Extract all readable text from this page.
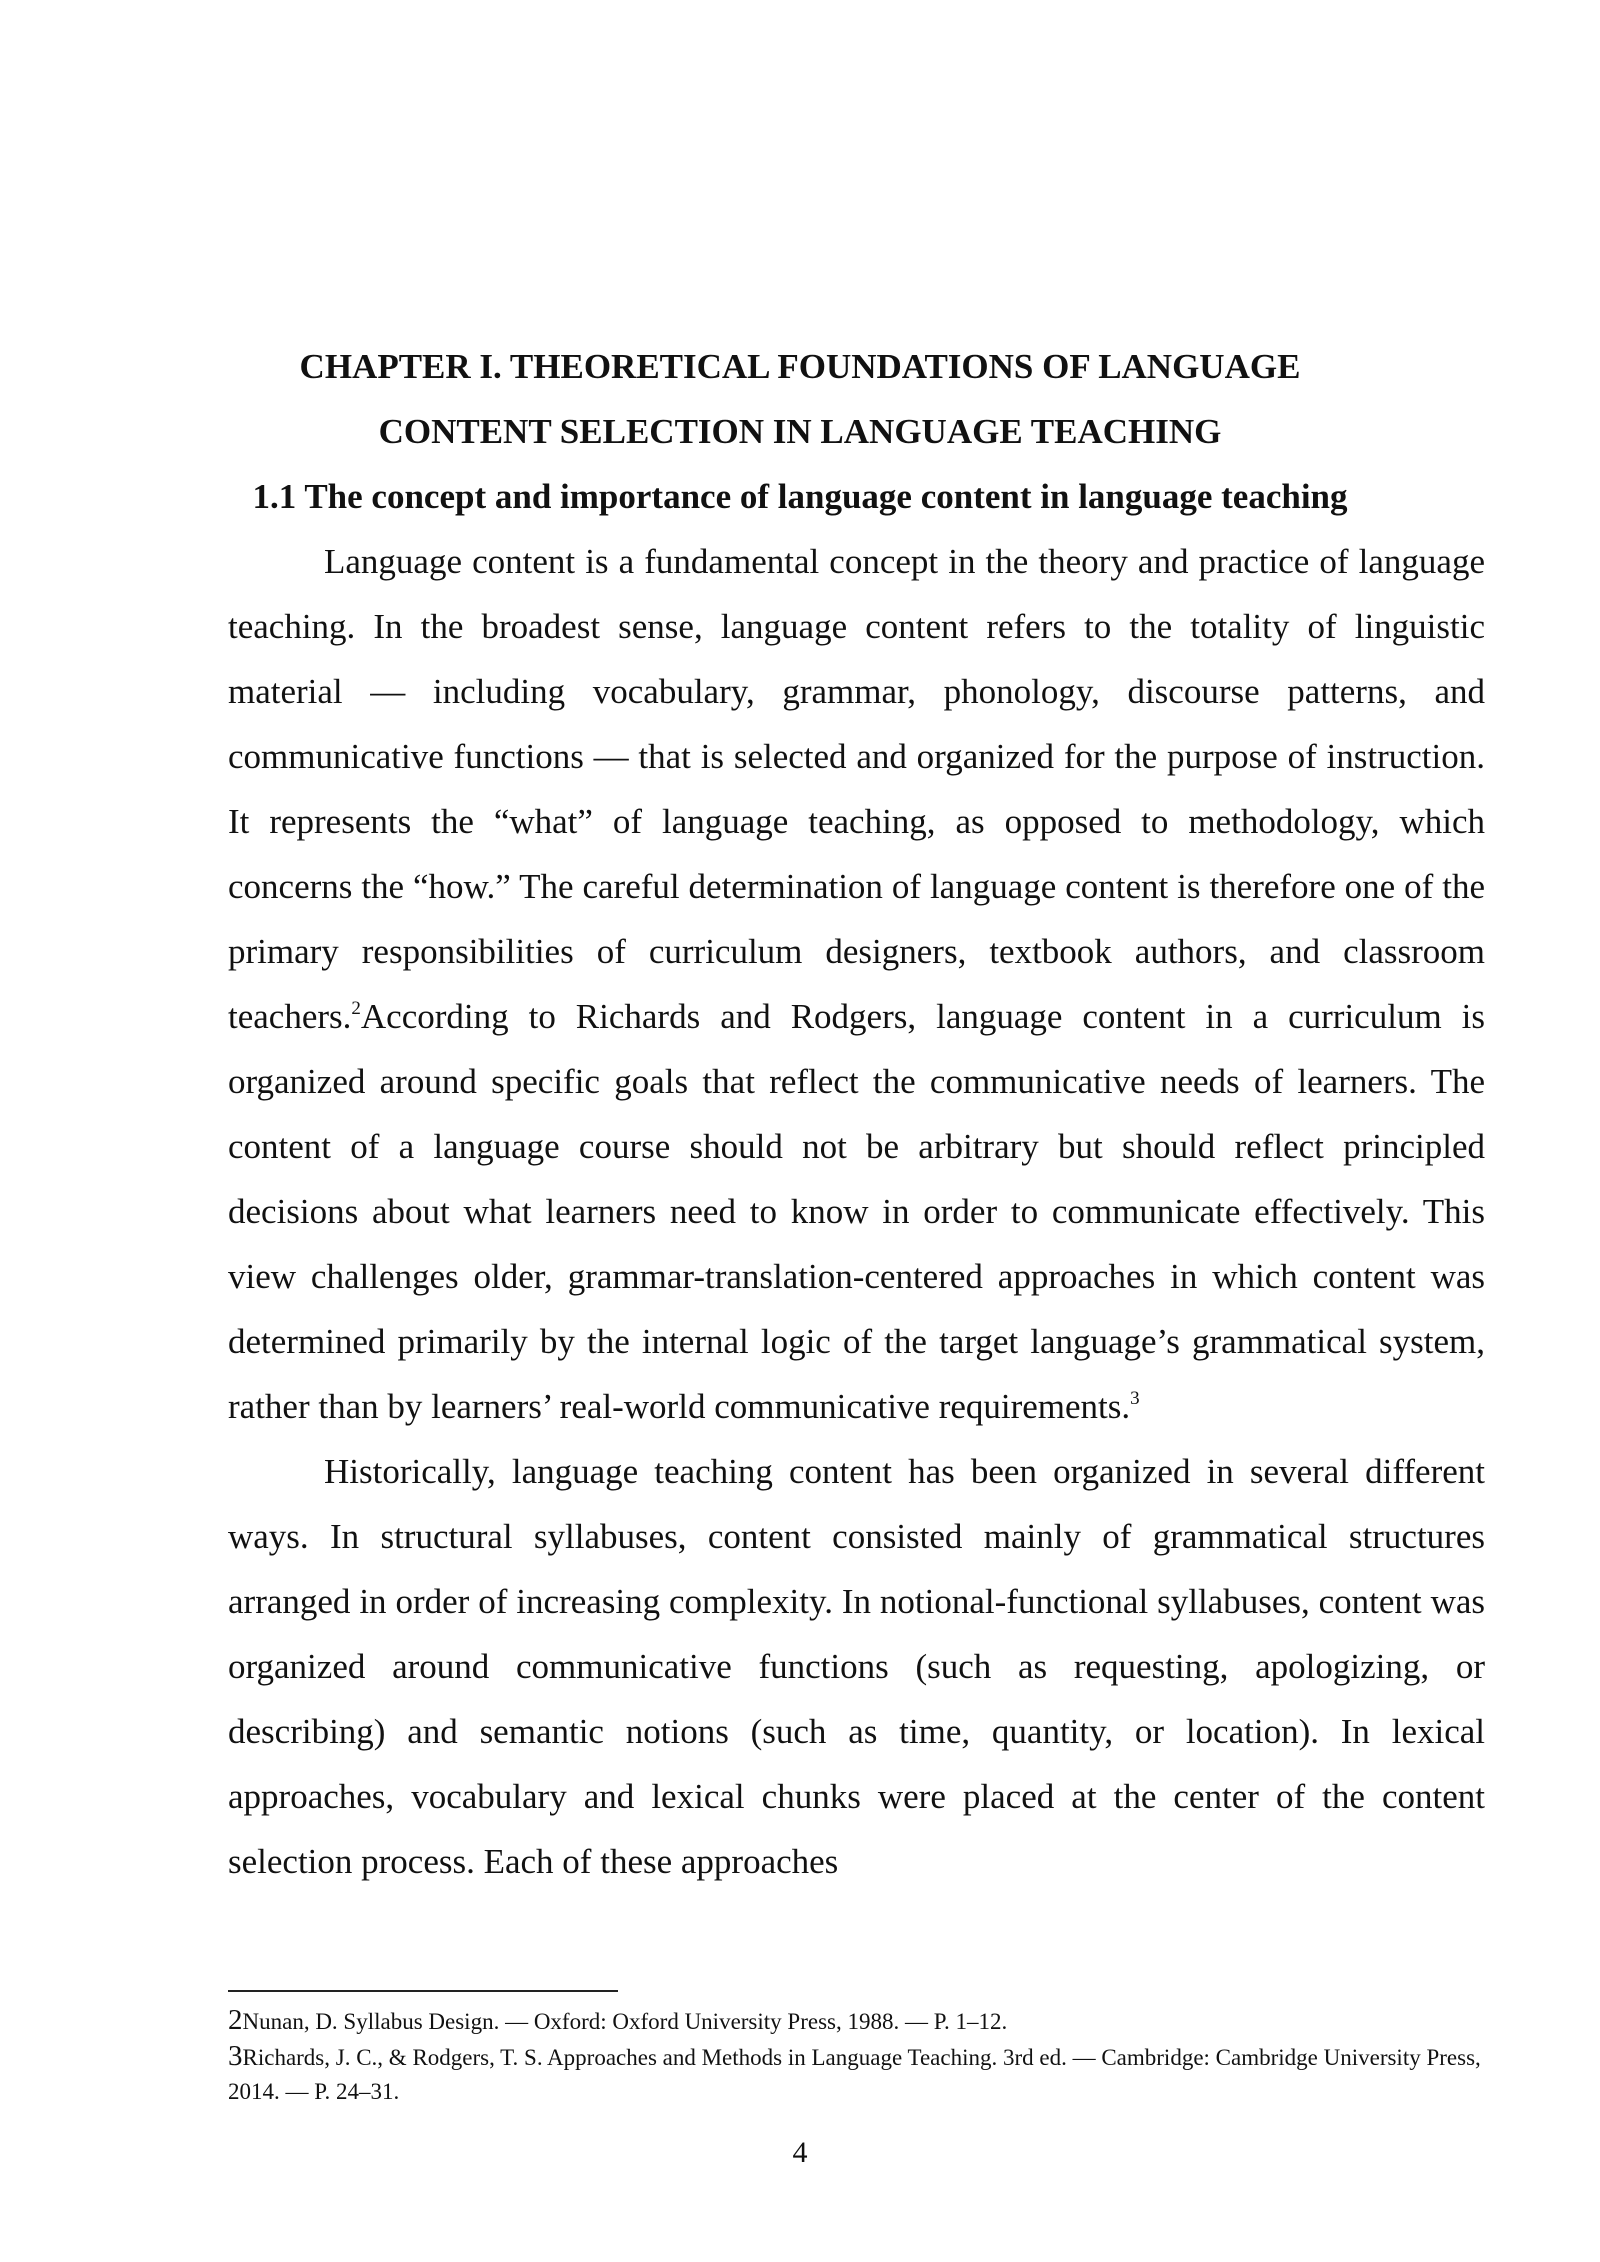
CHAPTER I. THEORETICAL FOUNDATIONS OF LANGUAGE
CONTENT SELECTION IN LANGUAGE TEACHING
1.1 The concept and importance of language content in language teaching

Language content is a fundamental concept in the theory and practice of language teaching. In the broadest sense, language content refers to the totality of linguistic material — including vocabulary, grammar, phonology, discourse patterns, and communicative functions — that is selected and organized for the purpose of instruction. It represents the “what” of language teaching, as opposed to methodology, which concerns the “how.” The careful determination of language content is therefore one of the primary responsibilities of curriculum designers, textbook authors, and classroom teachers.$^2$According to Richards and Rodgers, language content in a curriculum is organized around specific goals that reflect the communicative needs of learners. The content of a language course should not be arbitrary but should reflect principled decisions about what learners need to know in order to communicate effectively. This view challenges older, grammar-translation-centered approaches in which content was determined primarily by the internal logic of the target language’s grammatical system, rather than by learners’ real-world communicative requirements.$^3$

Historically, language teaching content has been organized in several different ways. In structural syllabuses, content consisted mainly of grammatical structures arranged in order of increasing complexity. In notional-functional syllabuses, content was organized around communicative functions (such as requesting, apologizing, or describing) and semantic notions (such as time, quantity, or location). In lexical approaches, vocabulary and lexical chunks were placed at the center of the content selection process. Each of these approaches

2Nunan, D. Syllabus Design. — Oxford: Oxford University Press, 1988. — P. 1–12.

3Richards, J. C., & Rodgers, T. S. Approaches and Methods in Language Teaching. 3rd ed. — Cambridge: Cambridge University Press, 2014. — P. 24–31.

4
